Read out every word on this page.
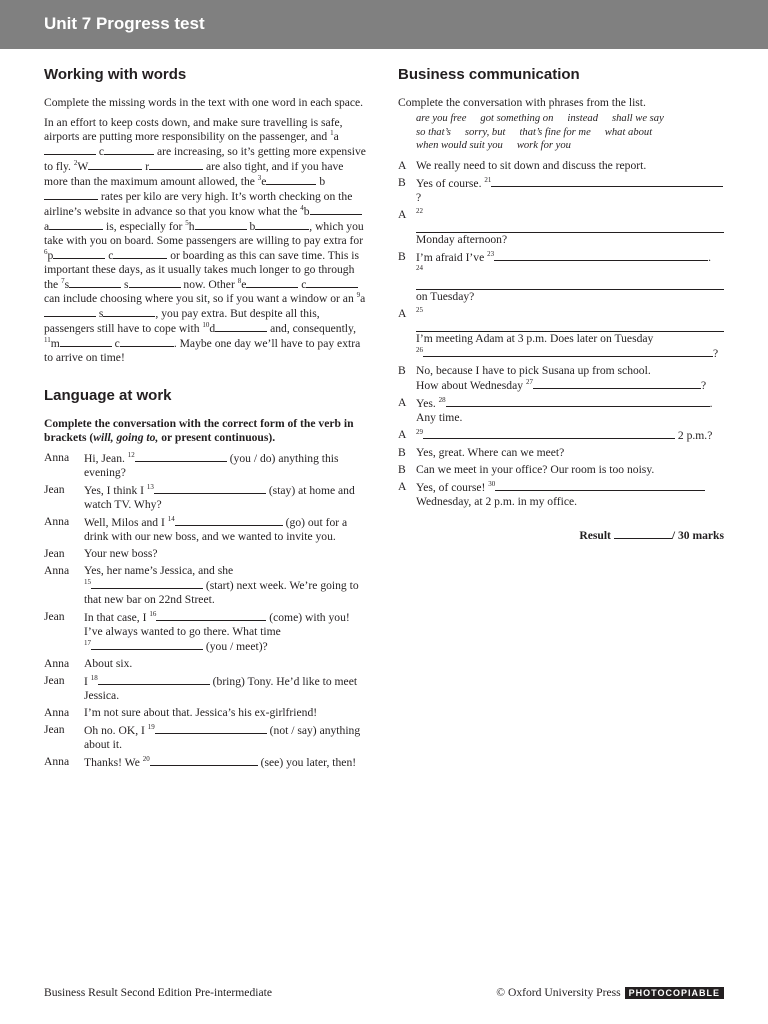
Unit 7 Progress test
Working with words

Complete the missing words in the text with one word in each space.

In an effort to keep costs down, and make sure travelling is safe, airports are putting more responsibility on the passenger, and $^1$a c	are increasing, so it’s getting more expensive to fly. $^2$W	r	are also tight, and if you have more than the maximum amount allowed, the $^3$e	b rates per kilo are very high. It’s worth checking on the airline’s website in advance so that you know what the $^4$b a	is, especially for $^5$h	b	, which you take with you on board. Some passengers are willing to pay extra for $^6$p	c	or boarding as this can save time. This is important these days, as it usually takes much longer to go through the $^7$s	s	now. Other $^8$e	c can include choosing where you sit, so if you want a window or an $^9$a s	, you pay extra. But despite all this, passengers still have to cope with $^{10}$d	and, consequently, $^{11}$m	c	. Maybe one day we’ll have to pay extra to arrive on time!

Language at work

Complete the conversation with the correct form of the verb in brackets (will, going to, or present continuous).

Anna	Hi, Jean. $^{12}$ (you / do) anything this evening?
Jean	Yes, I think I $^{13}$ (stay) at home and watch TV. Why?
Anna	Well, Milos and I $^{14}$ (go) out for a drink with our new boss, and we wanted to invite you.
Jean	Your new boss?
Anna	Yes, her name’s Jessica, and she
$^{15}$ (start) next week. We’re going to that new bar on 22nd Street.
Jean	In that case, I $^{16}$ (come) with you! I’ve always wanted to go there. What time
$^{17}$ (you / meet)?
Anna	About six.
Jean	I $^{18}$ (bring) Tony. He’d like to meet Jessica.
Anna	I’m not sure about that. Jessica’s his ex-girlfriend!
Jean	Oh no. OK, I $^{19}$ (not / say) anything about it.
Anna	Thanks! We $^{20}$ (see) you later, then!
Business communication

Complete the conversation with phrases from the list.

are you free got something on instead shall we say
so that’s sorry, but that’s fine for me what about
when would suit you work for you
A	We really need to sit down and discuss the report.
B	Yes of course. $^{21}$?
A	$^{22}$
Monday afternoon?
B	I’m afraid I’ve $^{23}$ .
$^{24}$
on Tuesday?
A	$^{25}$
I’m meeting Adam at 3 p.m. Does later on Tuesday
$^{26}$ ?
B	No, because I have to pick Susana up from school.
How about Wednesday $^{27}$ ?
A	Yes. $^{28}$ .
Any time.
A	$^{29}$ 2 p.m.?
B	Yes, great. Where can we meet?
B	Can we meet in your office? Our room is too noisy.
A	Yes, of course! $^{30}$
Wednesday, at 2 p.m. in my office.
Result	/ 30 marks
Business Result Second Edition Pre-intermediate	© Oxford University Press PHOTOCOPIABLE
